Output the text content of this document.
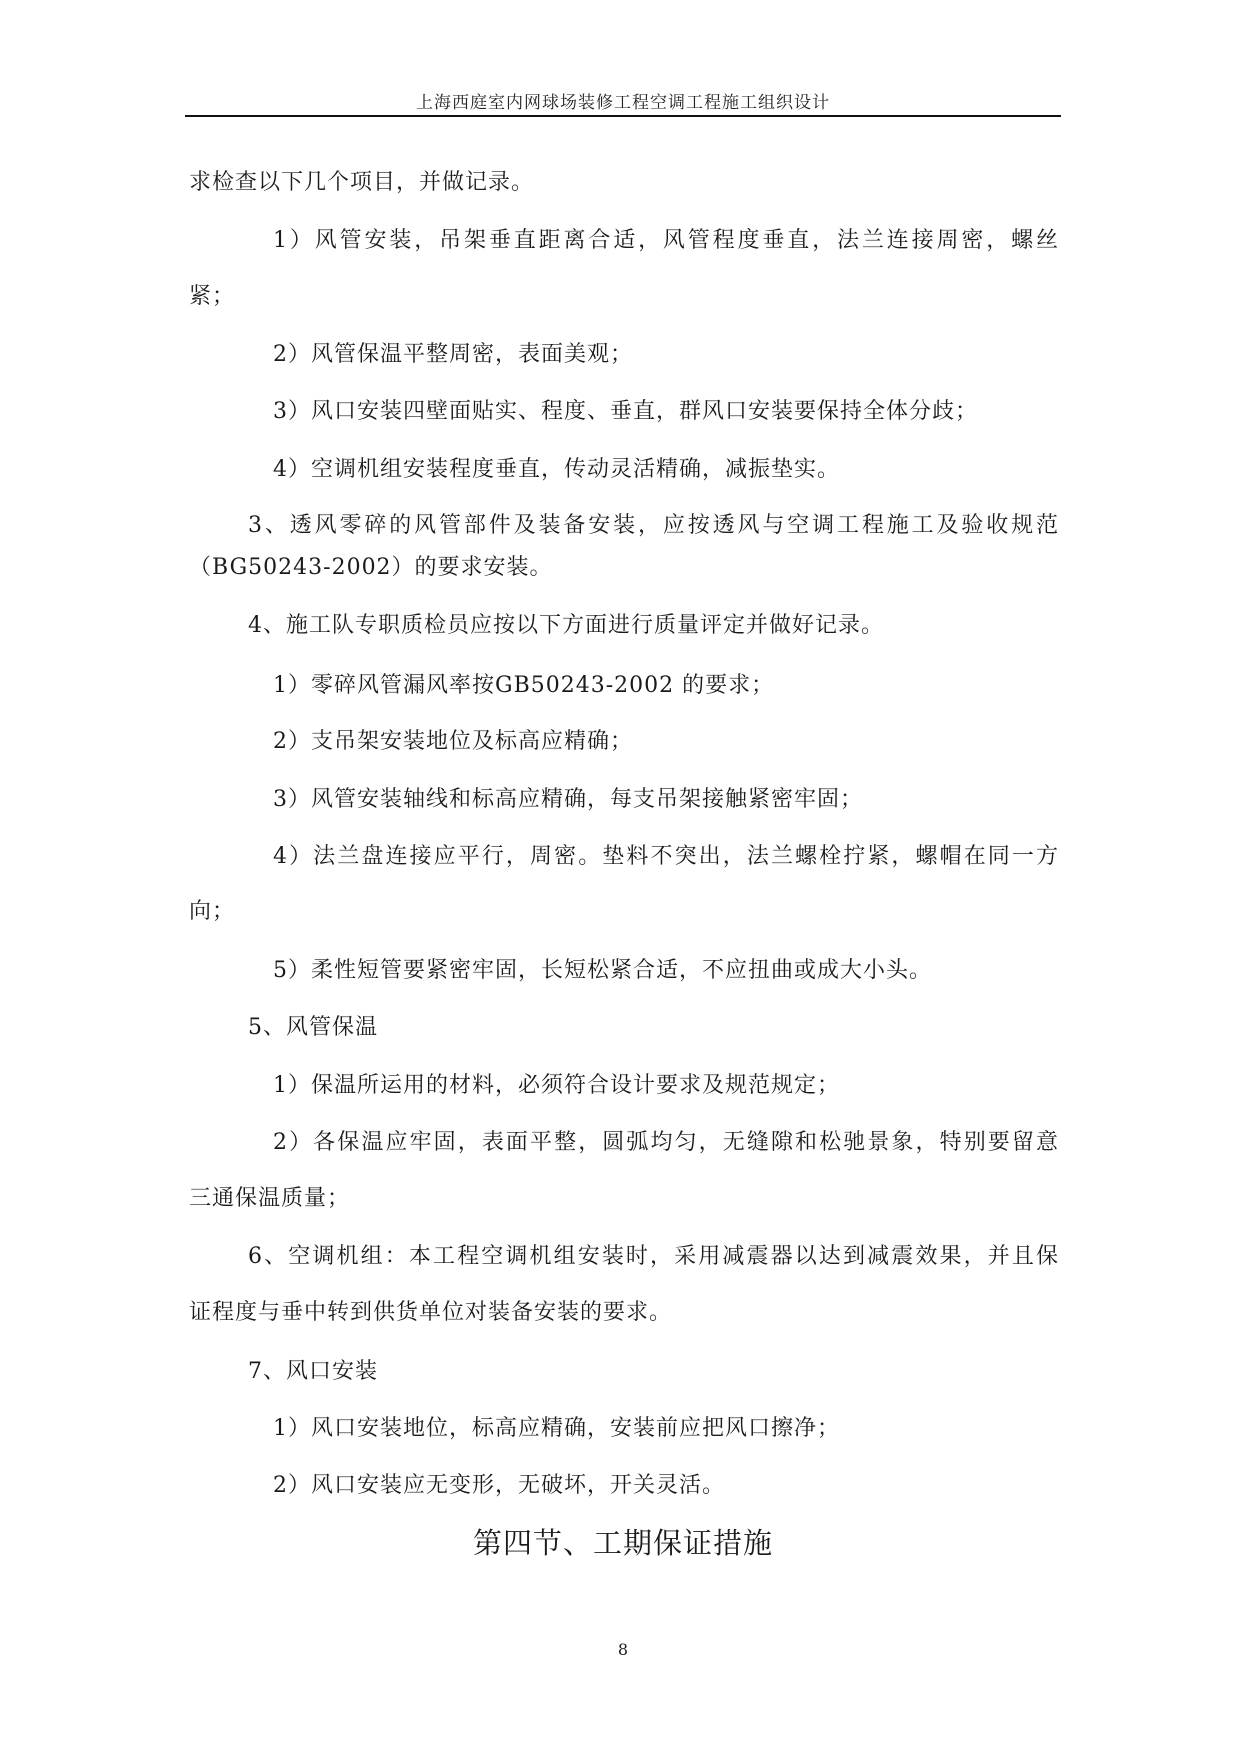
上海西庭室内网球场装修工程空调工程施工组织设计
求检查以下几个项目，并做记录。
1）风管安装，吊架垂直距离合适，风管程度垂直，法兰连接周密，螺丝
紧；
2）风管保温平整周密，表面美观；
3）风口安装四壁面贴实、程度、垂直，群风口安装要保持全体分歧；
4）空调机组安装程度垂直，传动灵活精确，减振垫实。
3、透风零碎的风管部件及装备安装，应按透风与空调工程施工及验收规范
（BG50243-2002）的要求安装。
4、施工队专职质检员应按以下方面进行质量评定并做好记录。
1）零碎风管漏风率按GB50243-2002 的要求；
2）支吊架安装地位及标高应精确；
3）风管安装轴线和标高应精确，每支吊架接触紧密牢固；
4）法兰盘连接应平行，周密。垫料不突出，法兰螺栓拧紧，螺帽在同一方
向；
5）柔性短管要紧密牢固，长短松紧合适，不应扭曲或成大小头。
5、风管保温
1）保温所运用的材料，必须符合设计要求及规范规定；
2）各保温应牢固，表面平整，圆弧均匀，无缝隙和松驰景象，特别要留意
三通保温质量；
6、空调机组：本工程空调机组安装时，采用减震器以达到减震效果，并且保
证程度与垂中转到供货单位对装备安装的要求。
7、风口安装
1）风口安装地位，标高应精确，安装前应把风口擦净；
2）风口安装应无变形，无破坏，开关灵活。
第四节、工期保证措施
8
